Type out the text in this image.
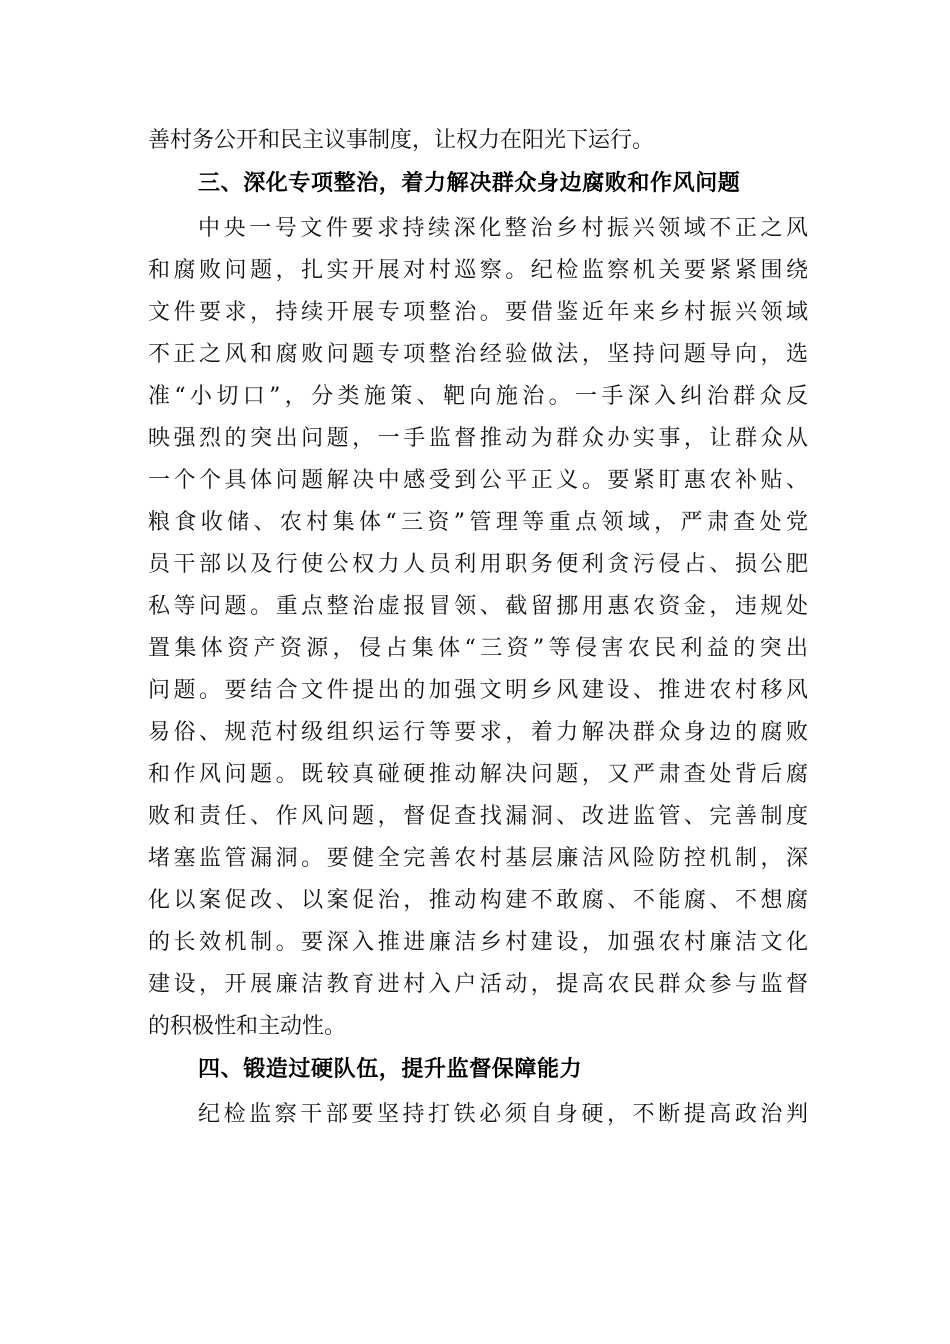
善村务公开和民主议事制度，让权力在阳光下运行。
三、深化专项整治，着力解决群众身边腐败和作风问题
中央一号文件要求持续深化整治乡村振兴领域不正之风
和腐败问题，扎实开展对村巡察。纪检监察机关要紧紧围绕
文件要求，持续开展专项整治。要借鉴近年来乡村振兴领域
不正之风和腐败问题专项整治经验做法，坚持问题导向，选
准“小切口”，分类施策、靶向施治。一手深入纠治群众反
映强烈的突出问题，一手监督推动为群众办实事，让群众从
一个个具体问题解决中感受到公平正义。要紧盯惠农补贴、
粮食收储、农村集体“三资”管理等重点领域，严肃查处党
员干部以及行使公权力人员利用职务便利贪污侵占、损公肥
私等问题。重点整治虚报冒领、截留挪用惠农资金，违规处
置集体资产资源，侵占集体“三资”等侵害农民利益的突出
问题。要结合文件提出的加强文明乡风建设、推进农村移风
易俗、规范村级组织运行等要求，着力解决群众身边的腐败
和作风问题。既较真碰硬推动解决问题，又严肃查处背后腐
败和责任、作风问题，督促查找漏洞、改进监管、完善制度
堵塞监管漏洞。要健全完善农村基层廉洁风险防控机制，深
化以案促改、以案促治，推动构建不敢腐、不能腐、不想腐
的长效机制。要深入推进廉洁乡村建设，加强农村廉洁文化
建设，开展廉洁教育进村入户活动，提高农民群众参与监督
的积极性和主动性。
四、锻造过硬队伍，提升监督保障能力
纪检监察干部要坚持打铁必须自身硬，不断提高政治判
